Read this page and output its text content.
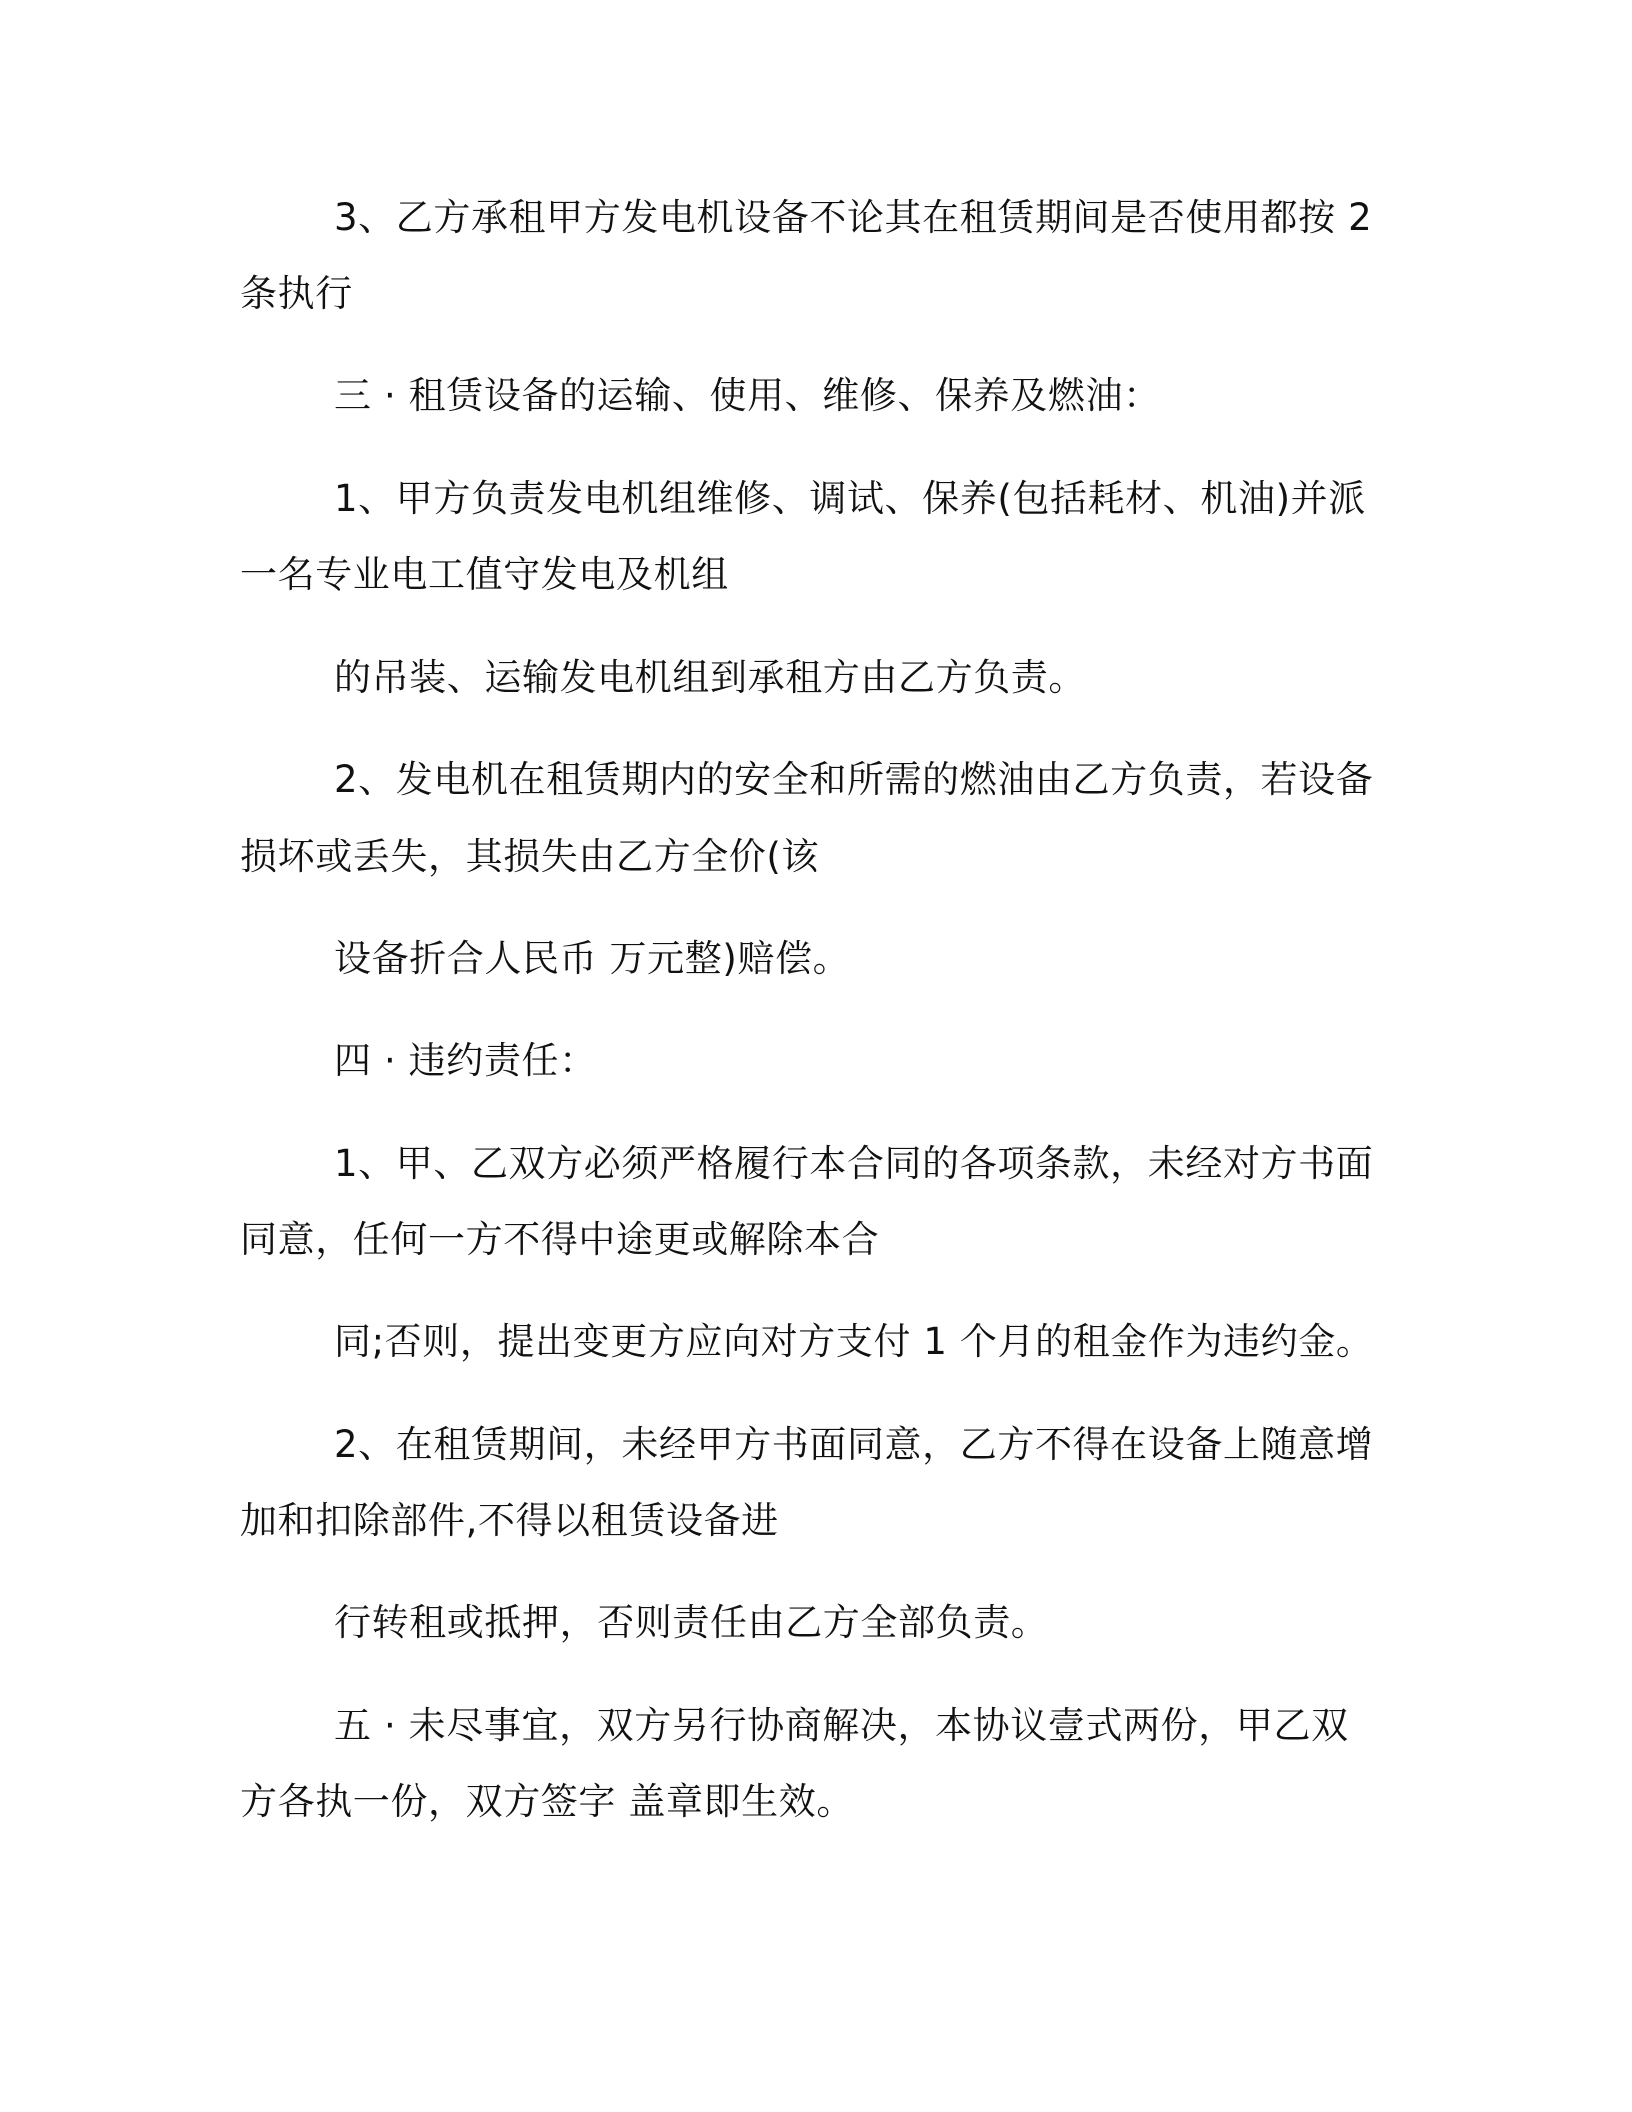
3、乙方承租甲方发电机设备不论其在租赁期间是否使用都按 2
条执行
三 · 租赁设备的运输、使用、维修、保养及燃油：
1、甲方负责发电机组维修、调试、保养(包括耗材、机油)并派
一名专业电工值守发电及机组
的吊装、运输发电机组到承租方由乙方负责。
2、发电机在租赁期内的安全和所需的燃油由乙方负责，若设备
损坏或丢失，其损失由乙方全价(该
设备折合人民币 万元整)赔偿。
四 · 违约责任：
1、甲、乙双方必须严格履行本合同的各项条款，未经对方书面
同意，任何一方不得中途更或解除本合
同;否则，提出变更方应向对方支付 1 个月的租金作为违约金。
2、在租赁期间，未经甲方书面同意，乙方不得在设备上随意增
加和扣除部件,不得以租赁设备进
行转租或抵押，否则责任由乙方全部负责。
五 · 未尽事宜，双方另行协商解决，本协议壹式两份，甲乙双
方各执一份，双方签字 盖章即生效。
